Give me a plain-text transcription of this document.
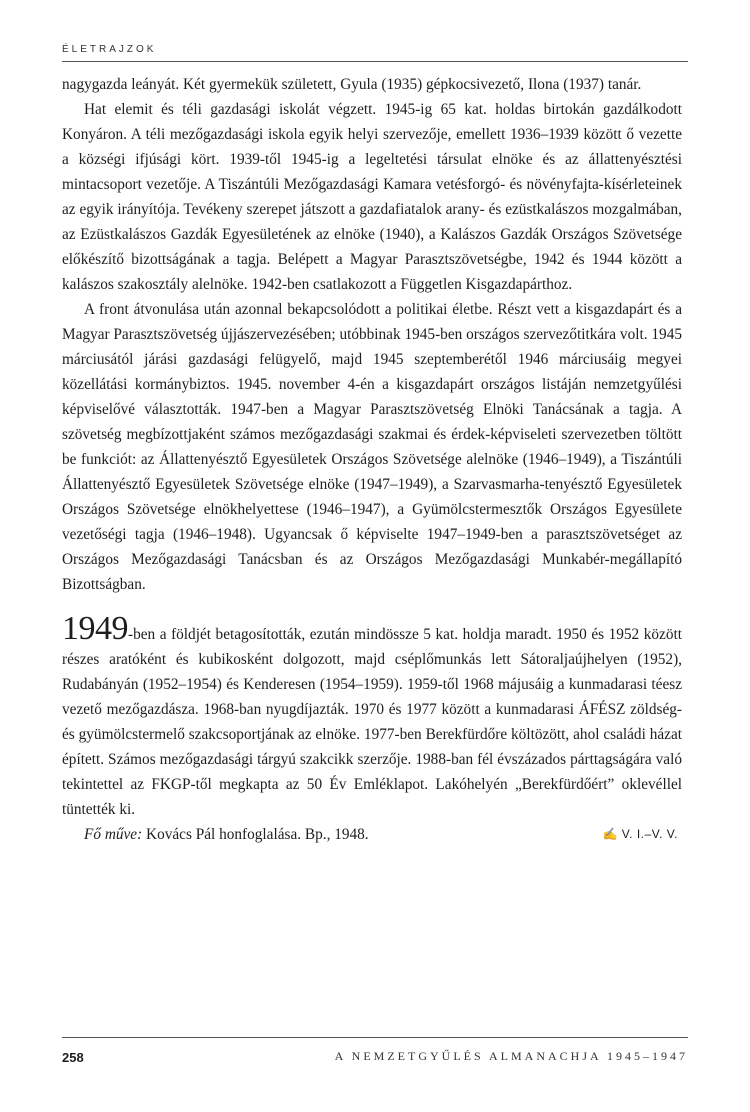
ÉLETRAJZOK

nagygazda leányát. Két gyermekük született, Gyula (1935) gépkocsivezető, Ilona (1937) tanár.

Hat elemit és téli gazdasági iskolát végzett. 1945-ig 65 kat. holdas birtokán gazdálkodott Konyáron. A téli mezőgazdasági iskola egyik helyi szervezője, emellett 1936–1939 között ő vezette a községi ifjúsági kört. 1939-től 1945-ig a legeltetési társulat elnöke és az állattenyésztési mintacsoport vezetője. A Tiszántúli Mezőgazdasági Kamara vetésforgó- és növényfajta-kísérleteinek az egyik irányítója. Tevékeny szerepet játszott a gazdafiatalok arany- és ezüstkalászos mozgalmában, az Ezüstkalászos Gazdák Egyesületének az elnöke (1940), a Kalászos Gazdák Országos Szövetsége előkészítő bizottságának a tagja. Belépett a Magyar Parasztszövetségbe, 1942 és 1944 között a kalászos szakosztály alelnöke. 1942-ben csatlakozott a Független Kisgazdapárthoz.

A front átvonulása után azonnal bekapcsolódott a politikai életbe. Részt vett a kisgazdapárt és a Magyar Parasztszövetség újjászervezésében; utóbbinak 1945-ben országos szervezőtitkára volt. 1945 márciusától járási gazdasági felügyelő, majd 1945 szeptemberétől 1946 márciusáig megyei közellátási kormánybiztos. 1945. november 4-én a kisgazdapárt országos listáján nemzetgyűlési képviselővé választották. 1947-ben a Magyar Parasztszövetség Elnöki Tanácsának a tagja. A szövetség megbízottjaként számos mezőgazdasági szakmai és érdek-képviseleti szervezetben töltött be funkciót: az Állattenyésztő Egyesületek Országos Szövetsége alelnöke (1946–1949), a Tiszántúli Állattenyésztő Egyesületek Szövetsége elnöke (1947–1949), a Szarvasmarha-tenyésztő Egyesületek Országos Szövetsége elnökhelyettese (1946–1947), a Gyümölcstermesztők Országos Egyesülete vezetőségi tagja (1946–1948). Ugyancsak ő képviselte 1947–1949-ben a parasztszövetséget az Országos Mezőgazdasági Tanácsban és az Országos Mezőgazdasági Munkabér-megállapító Bizottságban.

1949-ben a földjét betagosították, ezután mindössze 5 kat. holdja maradt. 1950 és 1952 között részes aratóként és kubikosként dolgozott, majd cséplőmunkás lett Sátoraljaújhelyen (1952), Rudabányán (1952–1954) és Kenderesen (1954–1959). 1959-től 1968 májusáig a kunmadarasi téesz vezető mezőgazdásza. 1968-ban nyugdíjazták. 1970 és 1977 között a kunmadarasi ÁFÉSZ zöldség- és gyümölcstermelő szakcsoportjának az elnöke. 1977-ben Berekfürdőre költözött, ahol családi házat épített. Számos mezőgazdasági tárgyú szakcikk szerzője. 1988-ban fél évszázados párttagságára való tekintettel az FKGP-től megkapta az 50 Év Emléklapot. Lakóhelyén „Berekfürdőért” oklevéllel tüntették ki.

Fő műve: Kovács Pál honfoglalása. Bp., 1948.	✍ V. I.–V. V.

258	A NEMZETGYŰLÉS ALMANACHJA 1945–1947
